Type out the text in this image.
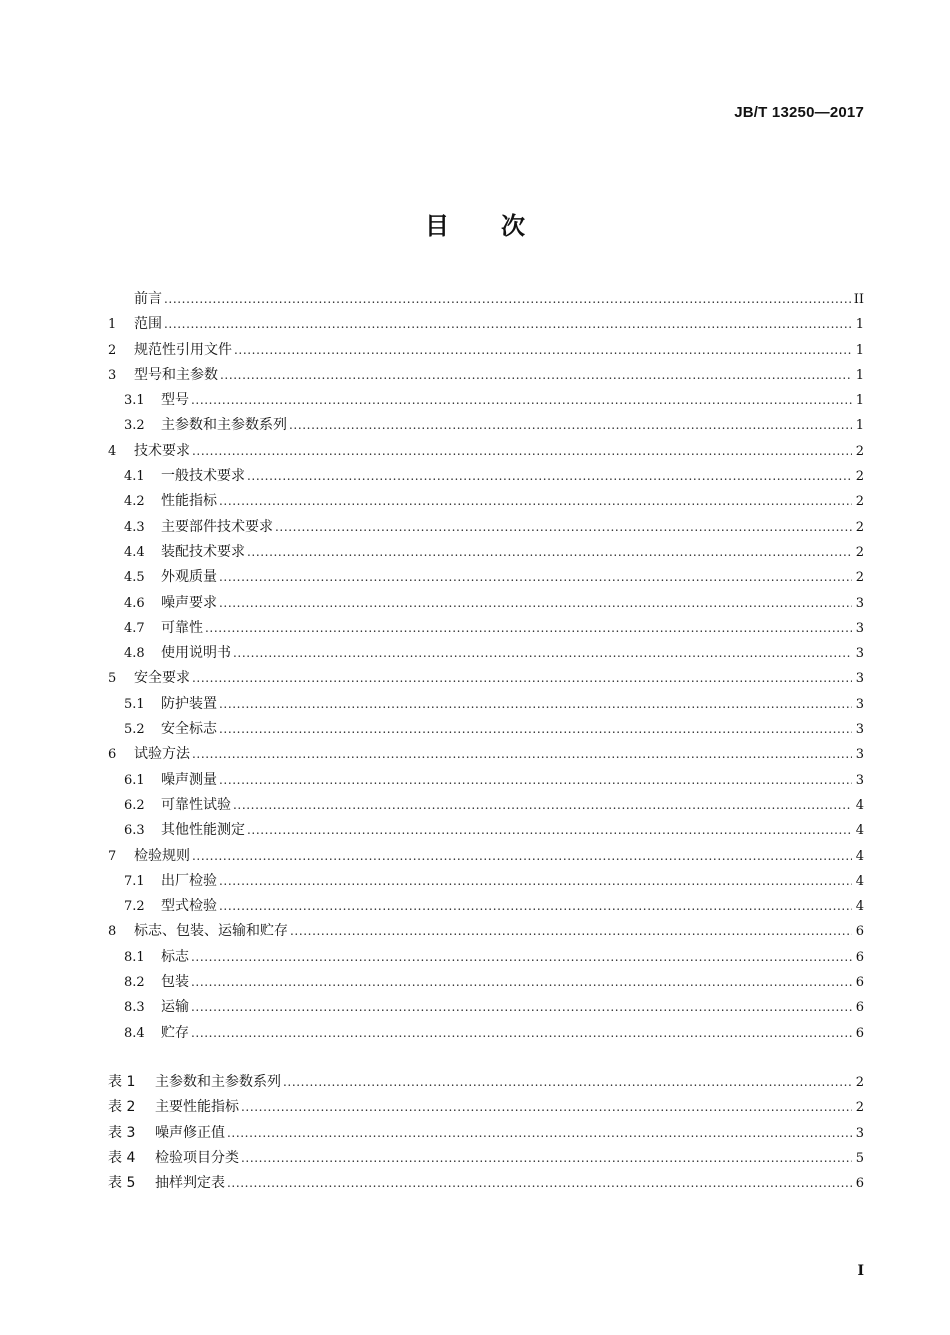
JB/T 13250—2017
目 次
前言 .....	II
1	范围 .....	1
2	规范性引用文件 .....	1
3	型号和主参数 .....	1
3.1	型号 .....	1
3.2	主参数和主参数系列 .....	1
4	技术要求 .....	2
4.1	一般技术要求 .....	2
4.2	性能指标 .....	2
4.3	主要部件技术要求 .....	2
4.4	装配技术要求 .....	2
4.5	外观质量 .....	2
4.6	噪声要求 .....	3
4.7	可靠性 .....	3
4.8	使用说明书 .....	3
5	安全要求 .....	3
5.1	防护装置 .....	3
5.2	安全标志 .....	3
6	试验方法 .....	3
6.1	噪声测量 .....	3
6.2	可靠性试验 .....	4
6.3	其他性能测定 .....	4
7	检验规则 .....	4
7.1	出厂检验 .....	4
7.2	型式检验 .....	4
8	标志、包装、运输和贮存 .....	6
8.1	标志 .....	6
8.2	包装 .....	6
8.3	运输 .....	6
8.4	贮存 .....	6
表 1	主参数和主参数系列 .....	2
表 2	主要性能指标 .....	2
表 3	噪声修正值 .....	3
表 4	检验项目分类 .....	5
表 5	抽样判定表 .....	6
I
